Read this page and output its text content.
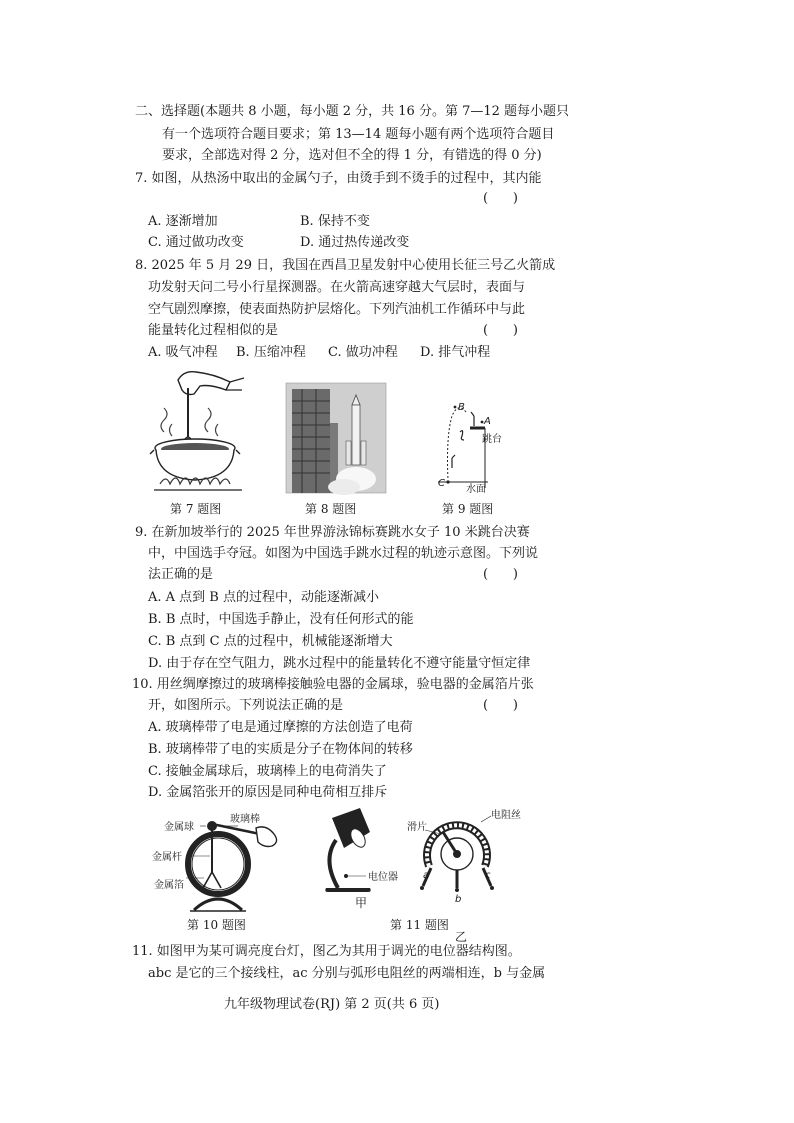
二、选择题(本题共 8 小题，每小题 2 分，共 16 分。第 7—12 题每小题只
有一个选项符合题目要求；第 13—14 题每小题有两个选项符合题目
要求，全部选对得 2 分，选对但不全的得 1 分，有错选的得 0 分)
7. 如图，从热汤中取出的金属勺子，由烫手到不烫手的过程中，其内能
(      )
A. 逐渐增加	B. 保持不变
C. 通过做功改变	D. 通过热传递改变
8. 2025 年 5 月 29 日，我国在西昌卫星发射中心使用长征三号乙火箭成
功发射天问二号小行星探测器。在火箭高速穿越大气层时，表面与
空气剧烈摩擦，使表面热防护层熔化。下列汽油机工作循环中与此
能量转化过程相似的是	(      )
A. 吸气冲程 B. 压缩冲程 C. 做功冲程 D. 排气冲程
第 7 题图	第 8 题图
B
A
跳台
C
水面
第 9 题图
9. 在新加坡举行的 2025 年世界游泳锦标赛跳水女子 10 米跳台决赛
中，中国选手夺冠。如图为中国选手跳水过程的轨迹示意图。下列说
法正确的是	(      )
A. A 点到 B 点的过程中，动能逐渐减小
B. B 点时，中国选手静止，没有任何形式的能
C. B 点到 C 点的过程中，机械能逐渐增大
D. 由于存在空气阻力，跳水过程中的能量转化不遵守能量守恒定律
10. 用丝绸摩擦过的玻璃棒接触验电器的金属球，验电器的金属箔片张
开，如图所示。下列说法正确的是	(      )
A. 玻璃棒带了电是通过摩擦的方法创造了电荷
B. 玻璃棒带了电的实质是分子在物体间的转移
C. 接触金属球后，玻璃棒上的电荷消失了
D. 金属箔张开的原因是同种电荷相互排斥
金属球
玻璃棒
金属杆
金属箔
第 10 题图
电位器
甲
滑片
电阻丝
a
b
c
乙
第 11 题图
11. 如图甲为某可调亮度台灯，图乙为其用于调光的电位器结构图。
abc 是它的三个接线柱，ac 分别与弧形电阻丝的两端相连，b 与金属
九年级物理试卷(RJ) 第 2 页(共 6 页)
